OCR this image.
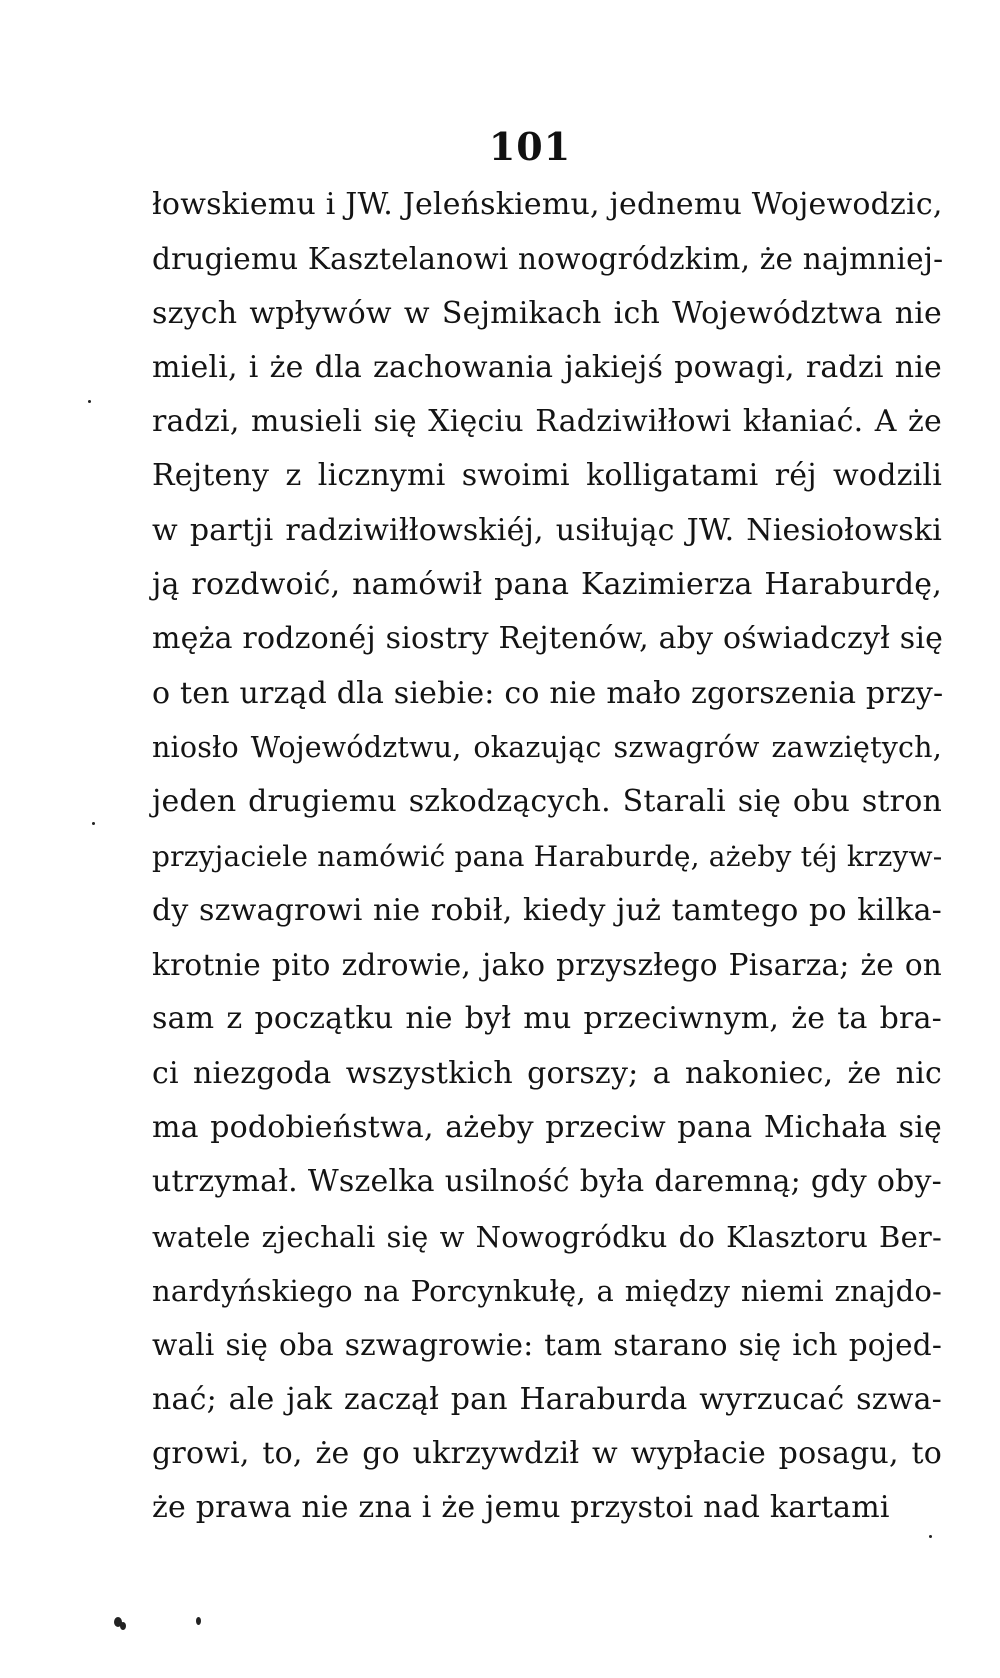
101
łowskiemu i JW. Jeleńskiemu, jednemu Wojewodzic,
drugiemu Kasztelanowi nowogródzkim, że najmniej-
szych wpływów w Sejmikach ich Województwa nie
mieli, i że dla zachowania jakiejś powagi, radzi nie
radzi, musieli się Xięciu Radziwiłłowi kłaniać. A że
Rejteny z licznymi swoimi kolligatami réj wodzili
w partji radziwiłłowskiéj, usiłując JW. Niesiołowski
ją rozdwoić, namówił pana Kazimierza Haraburdę,
męża rodzonéj siostry Rejtenów, aby oświadczył się
o ten urząd dla siebie: co nie mało zgorszenia przy-
niosło Województwu, okazując szwagrów zawziętych,
jeden drugiemu szkodzących. Starali się obu stron
przyjaciele namówić pana Haraburdę, ażeby téj krzyw-
dy szwagrowi nie robił, kiedy już tamtego po kilka-
krotnie pito zdrowie, jako przyszłego Pisarza; że on
sam z początku nie był mu przeciwnym, że ta bra-
ci niezgoda wszystkich gorszy; a nakoniec, że nic
ma podobieństwa, ażeby przeciw pana Michała się
utrzymał. Wszelka usilność była daremną; gdy oby-
watele zjechali się w Nowogródku do Klasztoru Ber-
nardyńskiego na Porcynkułę, a między niemi znajdo-
wali się oba szwagrowie: tam starano się ich pojed-
nać; ale jak zaczął pan Haraburda wyrzucać szwa-
growi, to, że go ukrzywdził w wypłacie posagu, to
że prawa nie zna i że jemu przystoi nad kartami
